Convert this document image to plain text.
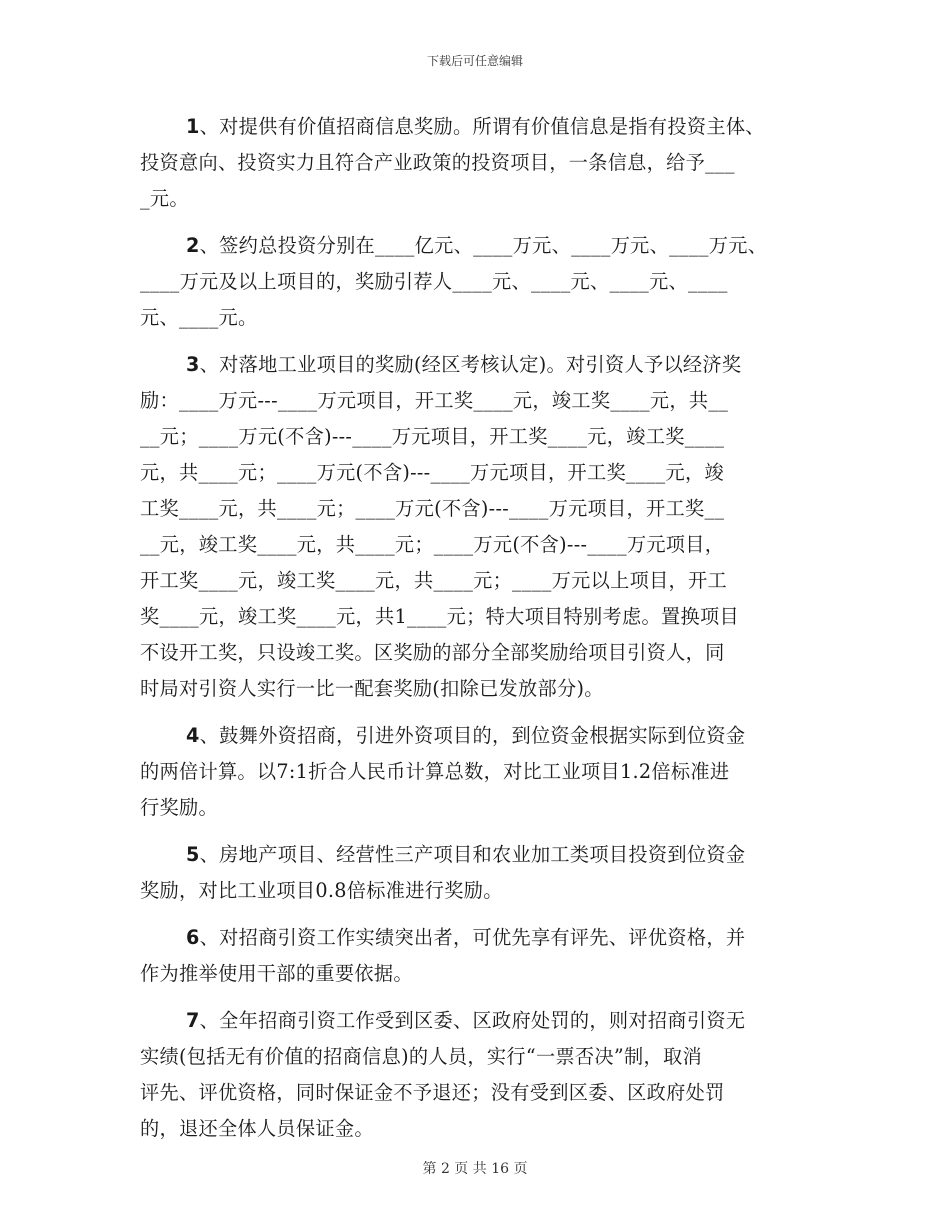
下载后可任意编辑
1、对提供有价值招商信息奖励。所谓有价值信息是指有投资主体、
投资意向、投资实力且符合产业政策的投资项目，一条信息，给予___
_元。
2、签约总投资分别在____亿元、____万元、____万元、____万元、
____万元及以上项目的，奖励引荐人____元、____元、____元、____
元、____元。
3、对落地工业项目的奖励(经区考核认定)。对引资人予以经济奖
励：____万元---____万元项目，开工奖____元，竣工奖____元，共__
__元；____万元(不含)---____万元项目，开工奖____元，竣工奖____
元，共____元；____万元(不含)---____万元项目，开工奖____元，竣
工奖____元，共____元；____万元(不含)---____万元项目，开工奖__
__元，竣工奖____元，共____元；____万元(不含)---____万元项目，
开工奖____元，竣工奖____元，共____元；____万元以上项目，开工
奖____元，竣工奖____元，共1____元；特大项目特别考虑。置换项目
不设开工奖，只设竣工奖。区奖励的部分全部奖励给项目引资人，同
时局对引资人实行一比一配套奖励(扣除已发放部分)。
4、鼓舞外资招商，引进外资项目的，到位资金根据实际到位资金
的两倍计算。以7:1折合人民币计算总数，对比工业项目1.2倍标准进
行奖励。
5、房地产项目、经营性三产项目和农业加工类项目投资到位资金
奖励，对比工业项目0.8倍标准进行奖励。
6、对招商引资工作实绩突出者，可优先享有评先、评优资格，并
作为推举使用干部的重要依据。
7、全年招商引资工作受到区委、区政府处罚的，则对招商引资无
实绩(包括无有价值的招商信息)的人员，实行“一票否决”制，取消
评先、评优资格，同时保证金不予退还；没有受到区委、区政府处罚
的，退还全体人员保证金。
第 2 页 共 16 页
